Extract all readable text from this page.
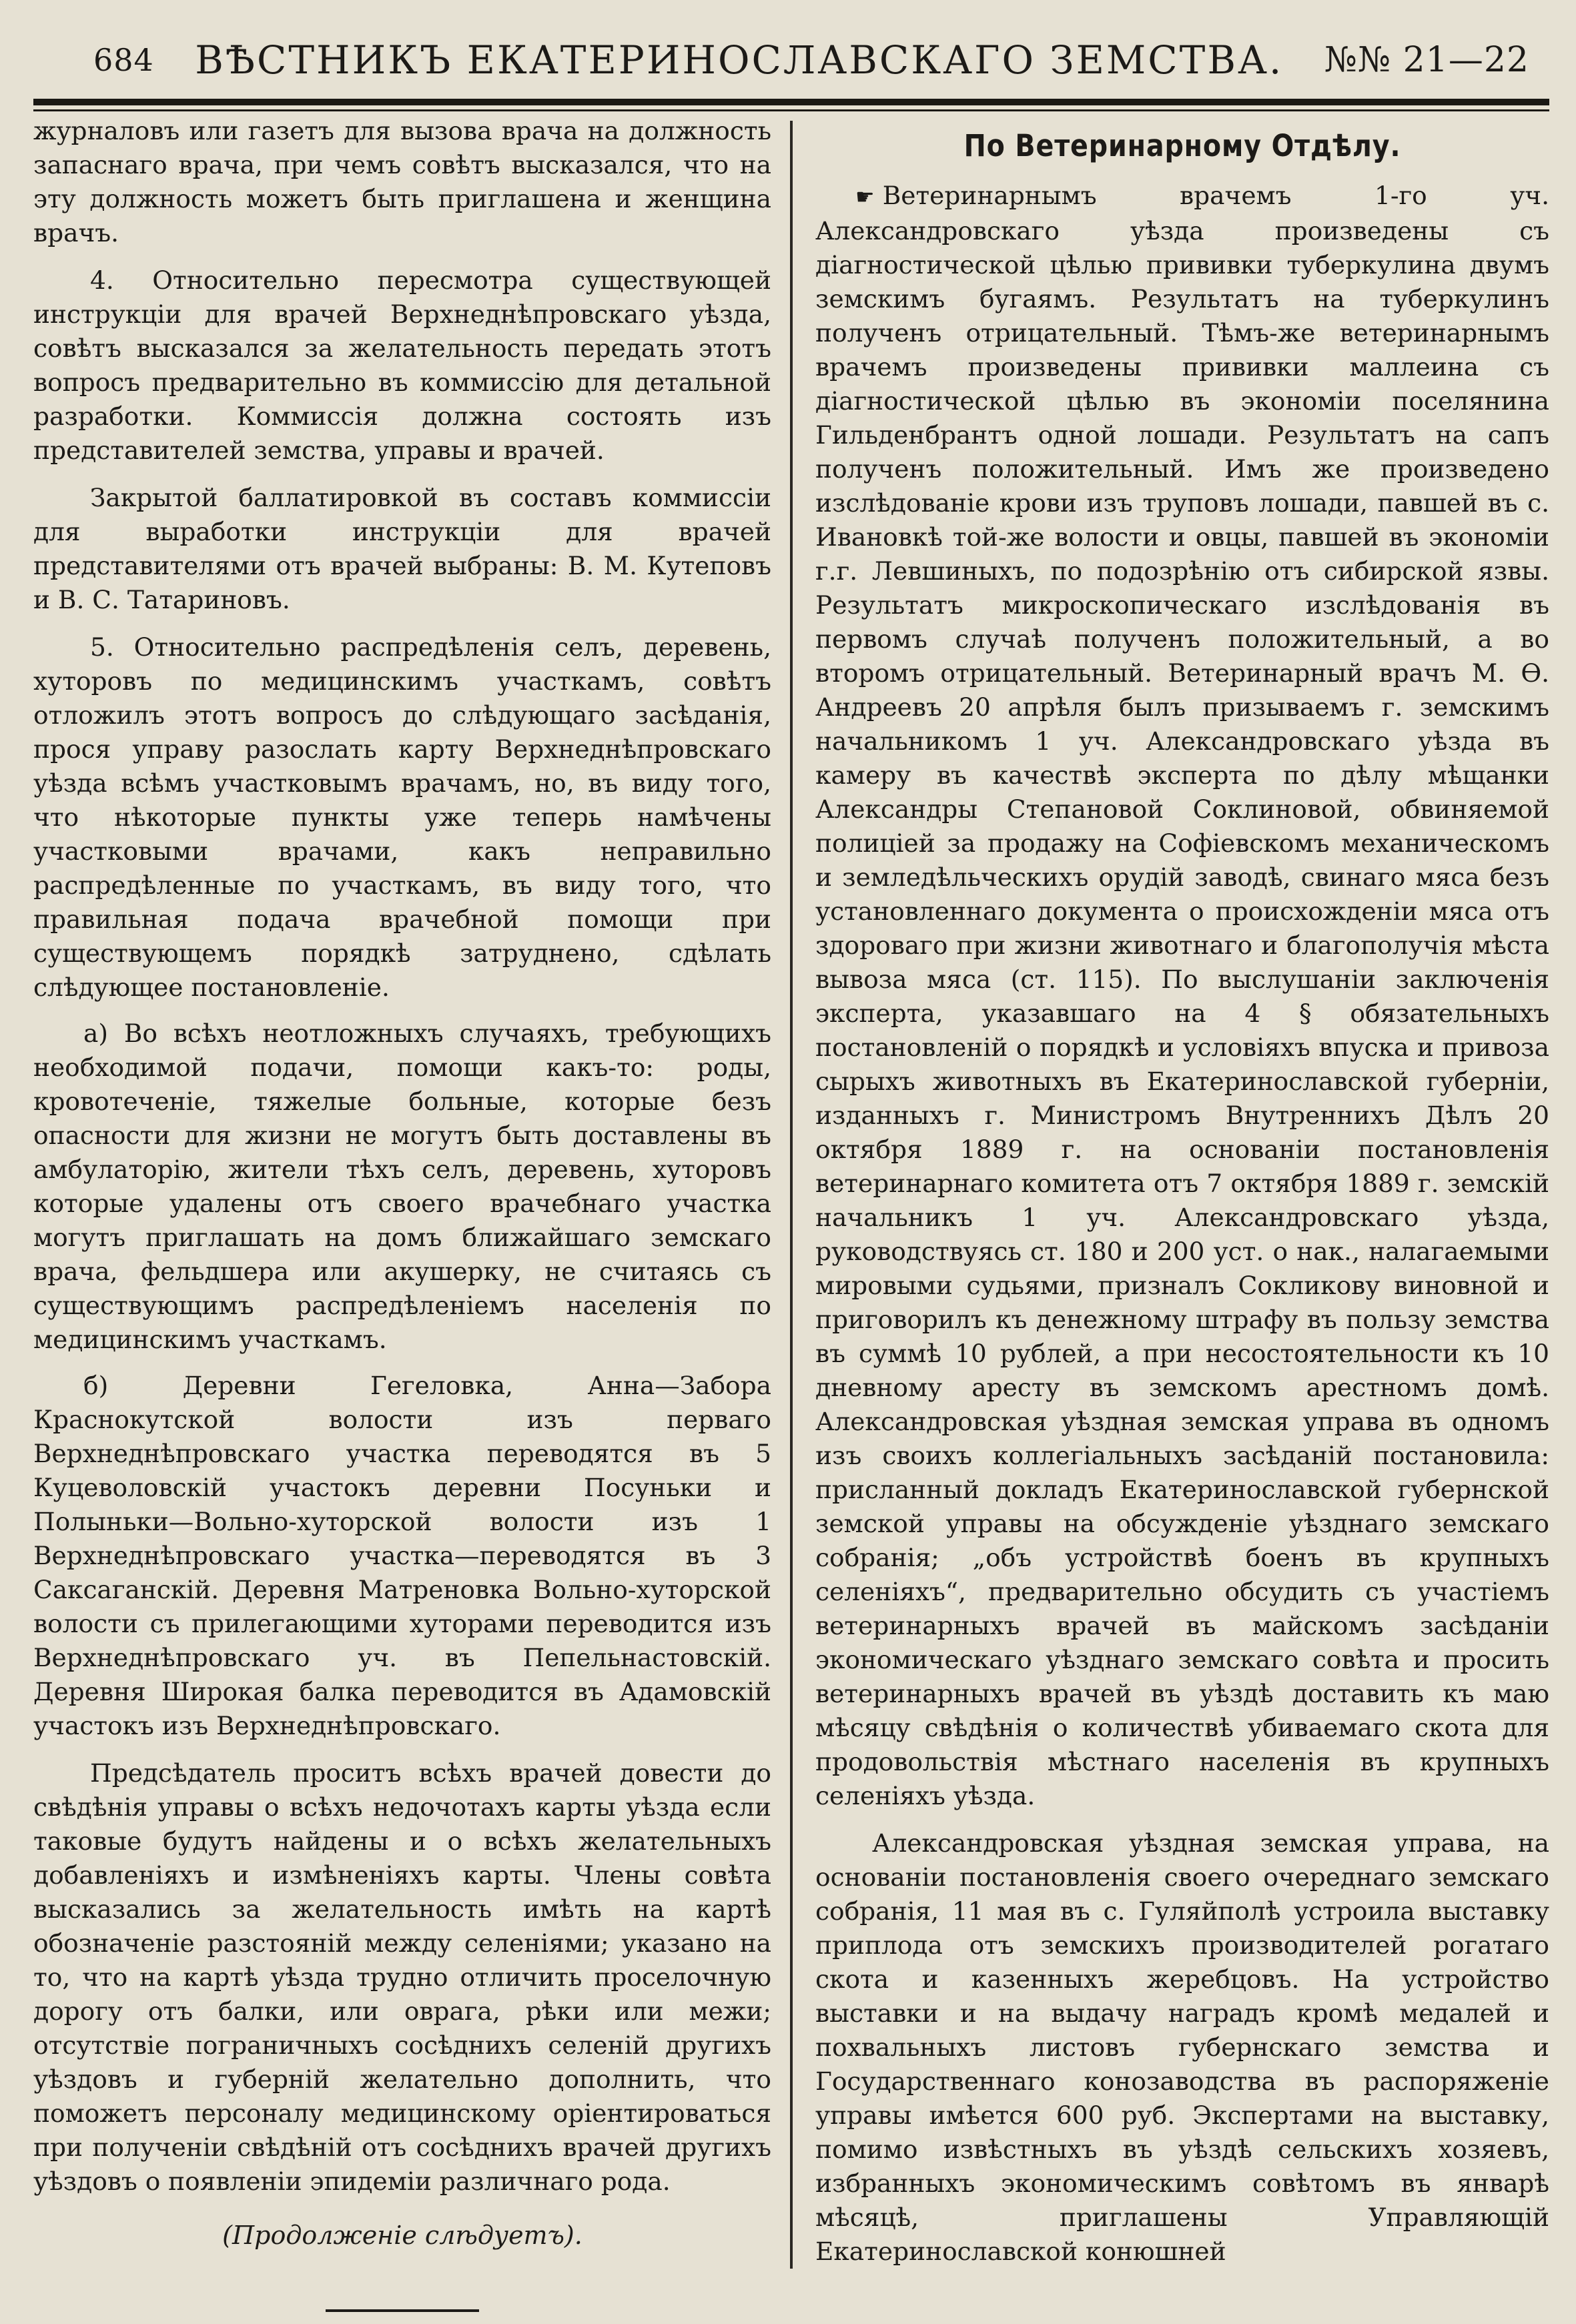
684 ВѢСТНИКЪ ЕКАТЕРИНОСЛАВСКАГО ЗЕМСТВА. №№ 21—22

журналовъ или газетъ для вызова врача на должность запаснаго врача, при чемъ совѣтъ высказался, что на эту должность можетъ быть приглашена и женщина врачъ.

4. Относительно пересмотра существующей инструкціи для врачей Верхнеднѣпровскаго уѣзда, совѣтъ высказался за желательность передать этотъ вопросъ предварительно въ коммиссію для детальной разработки. Коммиссія должна состоять изъ представителей земства, управы и врачей.

Закрытой баллатировкой въ составъ коммиссіи для выработки инструкціи для врачей представителями отъ врачей выбраны: В. М. Кутеповъ и В. С. Татариновъ.

5. Относительно распредѣленія селъ, деревень, хуторовъ по медицинскимъ участкамъ, совѣтъ отложилъ этотъ вопросъ до слѣдующаго засѣданія, прося управу разослать карту Верхнеднѣпровскаго уѣзда всѣмъ участковымъ врачамъ, но, въ виду того, что нѣкоторые пункты уже теперь намѣчены участковыми врачами, какъ неправильно распредѣленные по участкамъ, въ виду того, что правильная подача врачебной помощи при существующемъ порядкѣ затруднено, сдѣлать слѣдующее постановленіе.

а) Во всѣхъ неотложныхъ случаяхъ, требующихъ необходимой подачи, помощи какъ-то: роды, кровотеченіе, тяжелые больные, которые безъ опасности для жизни не могутъ быть доставлены въ амбулаторію, жители тѣхъ селъ, деревень, хуторовъ которые удалены отъ своего врачебнаго участка могутъ приглашать на домъ ближайшаго земскаго врача, фельдшера или акушерку, не считаясь съ существующимъ распредѣленіемъ населенія по медицинскимъ участкамъ.

б) Деревни Гегеловка, Анна—Забора Краснокутской волости изъ перваго Верхнеднѣпровскаго участка переводятся въ 5 Куцеволовскій участокъ деревни Посуньки и Полыньки—Вольно-хуторской волости изъ 1 Верхнеднѣпровскаго участка—переводятся въ 3 Саксаганскій. Деревня Матреновка Вольно-хуторской волости съ прилегающими хуторами переводится изъ Верхнеднѣпровскаго уч. въ Пепельнастовскій. Деревня Широкая балка переводится въ Адамовскій участокъ изъ Верхнеднѣпровскаго.

Предсѣдатель проситъ всѣхъ врачей довести до свѣдѣнія управы о всѣхъ недочотахъ карты уѣзда если таковые будутъ найдены и о всѣхъ желательныхъ добавленіяхъ и измѣненіяхъ карты. Члены совѣта высказались за желательность имѣть на картѣ обозначеніе разстояній между селеніями; указано на то, что на картѣ уѣзда трудно отличить проселочную дорогу отъ балки, или оврага, рѣки или межи; отсутствіе пограничныхъ сосѣднихъ селеній другихъ уѣздовъ и губерній желательно дополнить, что поможетъ персоналу медицинскому оріентироваться при полученіи свѣдѣній отъ сосѣднихъ врачей другихъ уѣздовъ о появленіи эпидеміи различнаго рода.

(Продолженіе слѣдуетъ).

По Ветеринарному Отдѣлу.

☛ Ветеринарнымъ врачемъ 1-го уч. Александровскаго уѣзда произведены съ діагностической цѣлью прививки туберкулина двумъ земскимъ бугаямъ. Результатъ на туберкулинъ полученъ отрицательный. Тѣмъ-же ветеринарнымъ врачемъ произведены прививки маллеина съ діагностической цѣлью въ экономіи поселянина Гильденбрантъ одной лошади. Результатъ на сапъ полученъ положительный. Имъ же произведено изслѣдованіе крови изъ труповъ лошади, павшей въ с. Ивановкѣ той-же волости и овцы, павшей въ экономіи г.г. Левшиныхъ, по подозрѣнію отъ сибирской язвы. Результатъ микроскопическаго изслѣдованія въ первомъ случаѣ полученъ положительный, а во второмъ отрицательный. Ветеринарный врачъ М. Ѳ. Андреевъ 20 апрѣля былъ призываемъ г. земскимъ начальникомъ 1 уч. Александровскаго уѣзда въ камеру въ качествѣ эксперта по дѣлу мѣщанки Александры Степановой Соклиновой, обвиняемой полиціей за продажу на Софіевскомъ механическомъ и земледѣльческихъ орудій заводѣ, свинаго мяса безъ установленнаго документа о происхожденіи мяса отъ здороваго при жизни животнаго и благополучія мѣста вывоза мяса (ст. 115). По выслушаніи заключенія эксперта, указавшаго на 4 § обязательныхъ постановленій о порядкѣ и условіяхъ впуска и привоза сырыхъ животныхъ въ Екатеринославской губерніи, изданныхъ г. Министромъ Внутреннихъ Дѣлъ 20 октября 1889 г. на основаніи постановленія ветеринарнаго комитета отъ 7 октября 1889 г. земскій начальникъ 1 уч. Александровскаго уѣзда, руководствуясь ст. 180 и 200 уст. о нак., налагаемыми мировыми судьями, призналъ Сокликову виновной и приговорилъ къ денежному штрафу въ пользу земства въ суммѣ 10 рублей, а при несостоятельности къ 10 дневному аресту въ земскомъ арестномъ домѣ. Александровская уѣздная земская управа въ одномъ изъ своихъ коллегіальныхъ засѣданій постановила: присланный докладъ Екатеринославской губернской земской управы на обсужденіе уѣзднаго земскаго собранія; „объ устройствѣ боенъ въ крупныхъ селеніяхъ“, предварительно обсудить съ участіемъ ветеринарныхъ врачей въ майскомъ засѣданіи экономическаго уѣзднаго земскаго совѣта и просить ветеринарныхъ врачей въ уѣздѣ доставить къ маю мѣсяцу свѣдѣнія о количествѣ убиваемаго скота для продовольствія мѣстнаго населенія въ крупныхъ селеніяхъ уѣзда.

Александровская уѣздная земская управа, на основаніи постановленія своего очереднаго земскаго собранія, 11 мая въ с. Гуляйполѣ устроила выставку приплода отъ земскихъ производителей рогатаго скота и казенныхъ жеребцовъ. На устройство выставки и на выдачу наградъ кромѣ медалей и похвальныхъ листовъ губернскаго земства и Государственнаго конозаводства въ распоряженіе управы имѣется 600 руб. Экспертами на выставку, помимо извѣстныхъ въ уѣздѣ сельскихъ хозяевъ, избранныхъ экономическимъ совѣтомъ въ январѣ мѣсяцѣ, приглашены Управляющій Екатеринославской конюшней
